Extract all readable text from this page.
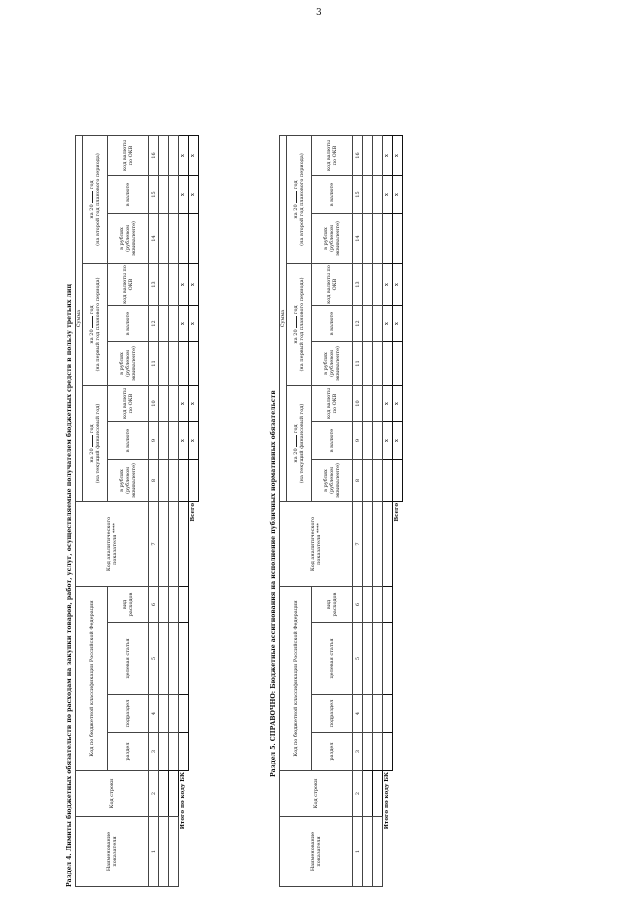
3
Раздел 4. Лимиты бюджетных обязательств по расходам на закупки товаров, работ, услуг, осуществляемые получателем бюджетных средств в пользу третьих лиц	Наименование показателя	Код строки	Код по бюджетной классификации Российской Федерации				Код аналитического показателя ****	Сумма								
							на 20  год
(на текущий финансовый год)			на 20  год
(на первый год планового периода)			на 20  год
(на второй год планового периода)		
		раздел	подраздел	целевая статья	вид расходов		в рублях (рублевом эквиваленте)	в валюте	код валюты по ОКВ	в рублях (рублевом эквиваленте)	в валюте	код валюты по ОКВ	в рублях (рублевом эквиваленте)	в валюте	код валюты по ОКВ

1	2	3	4	5	6	7	8	9	10	11	12	13	14	15	16

Итого по коду БК								x	x		x	x		x	x
						Всего		x	x		x	x		x	x
Раздел 5. СПРАВОЧНО: Бюджетные ассигнования на исполнение публичных нормативных обязательств
Наименование показателя	Код строки	Код по бюджетной классификации Российской Федерации				Код аналитического показателя ****	Сумма								
							на 20  год
(на текущий финансовый год)			на 20  год
(на первый год планового периода)			на 20  год
(на второй год планового периода)		
		раздел	подраздел	целевая статья	вид расходов		в рублях (рублевом эквиваленте)	в валюте	код валюты по ОКВ	в рублях (рублевом эквиваленте)	в валюте	код валюты по ОКВ	в рублях (рублевом эквиваленте)	в валюте	код валюты по ОКВ

1	2	3	4	5	6	7	8	9	10	11	12	13	14	15	16

Итого по коду БК								x	x		x	x		x	x
						Всего		x	x		x	x		x	x
